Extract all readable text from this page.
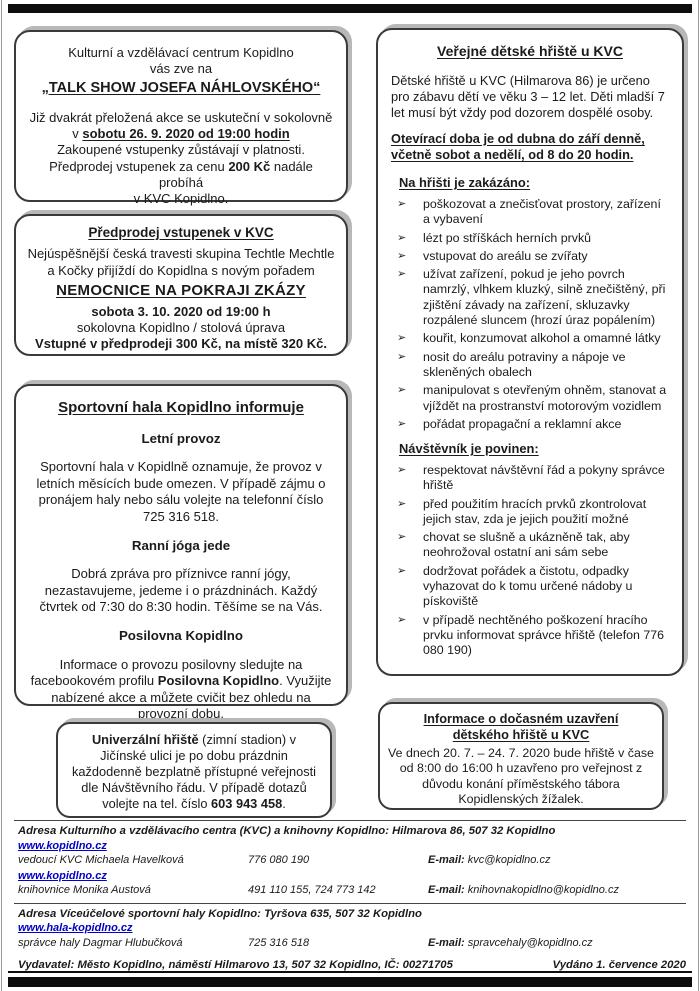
Kulturní a vzdělávací centrum Kopidlno
vás zve na
„TALK SHOW JOSEFA NÁHLOVSKÉHO“
Již dvakrát přeložená akce se uskuteční v sokolovně
v sobotu 26. 9. 2020 od 19:00 hodin
Zakoupené vstupenky zůstávají v platnosti.
Předprodej vstupenek za cenu 200 Kč nadále probíhá
v KVC Kopidlno.
Předprodej vstupenek v KVC
Nejúspěšnější česká travesti skupina Techtle Mechtle
a Kočky přijíždí do Kopidlna s novým pořadem
NEMOCNICE NA POKRAJI ZKÁZY
sobota 3. 10. 2020 od 19:00 h
sokolovna Kopidlno / stolová úprava
Vstupné v předprodeji 300 Kč, na místě 320 Kč.
Sportovní hala Kopidlno informuje
Letní provoz
Sportovní hala v Kopidlně oznamuje, že provoz v letních měsících bude omezen. V případě zájmu o pronájem haly nebo sálu volejte na telefonní číslo 725 316 518.
Ranní jóga jede
Dobrá zpráva pro příznivce ranní jógy, nezastavujeme, jedeme i o prázdninách. Každý čtvrtek od 7:30 do 8:30 hodin. Těšíme se na Vás.
Posilovna Kopidlno
Informace o provozu posilovny sledujte na facebookovém profilu Posilovna Kopidlno. Využijte nabízené akce a můžete cvičit bez ohledu na provozní dobu.
Univerzální hřiště (zimní stadion) v Jičínské ulici je po dobu prázdnin každodenně bezplatně přístupné veřejnosti dle Návštěvního řádu. V případě dotazů volejte na tel. číslo 603 943 458.
Veřejné dětské hřiště u KVC
Dětské hřiště u KVC (Hilmarova 86) je určeno pro zábavu dětí ve věku 3 – 12 let. Děti mladší 7 let musí být vždy pod dozorem dospělé osoby.
Otevírací doba je od dubna do září denně, včetně sobot a nedělí, od 8 do 20 hodin.
Na hřišti je zakázáno:
➢	poškozovat a znečisťovat prostory, zařízení a vybavení
➢	lézt po stříškách herních prvků
➢	vstupovat do areálu se zvířaty
➢	užívat zařízení, pokud je jeho povrch namrzlý, vlhkem kluzký, silně znečištěný, při zjištění závady na zařízení, skluzavky rozpálené sluncem (hrozí úraz popálením)
➢	kouřit, konzumovat alkohol a omamné látky
➢	nosit do areálu potraviny a nápoje ve skleněných obalech
➢	manipulovat s otevřeným ohněm, stanovat a vjíždět na prostranství motorovým vozidlem
➢	pořádat propagační a reklamní akce
Návštěvník je povinen:
➢	respektovat návštěvní řád a pokyny správce hřiště
➢	před použitím hracích prvků zkontrolovat jejich stav, zda je jejich použití možné
➢	chovat se slušně a ukázněně tak, aby neohrožoval ostatní ani sám sebe
➢	dodržovat pořádek a čistotu, odpadky vyhazovat do k tomu určené nádoby u pískoviště
➢	v případě nechtěného poškození hracího prvku informovat správce hřiště (telefon 776 080 190)
Informace o dočasném uzavření
dětského hřiště u KVC
Ve dnech 20. 7. – 24. 7. 2020 bude hřiště v čase od 8:00 do 16:00 h uzavřeno pro veřejnost z důvodu konání příměstského tábora Kopidlenských žížalek.
Adresa Kulturního a vzdělávacího centra (KVC) a knihovny Kopidlno: Hilmarova 86, 507 32 Kopidlno
www.kopidlno.cz
vedoucí KVC Michaela Havelková	776 080 190	E-mail: kvc@kopidlno.cz
www.kopidlno.cz
knihovnice Monika Austová	491 110 155, 724 773 142	E-mail: knihovnakopidlno@kopidlno.cz
Adresa Víceúčelové sportovní haly Kopidlno: Tyršova 635, 507 32 Kopidlno
www.hala-kopidlno.cz
správce haly Dagmar Hlubučková	725 316 518	E-mail: spravcehaly@kopidlno.cz
Vydavatel: Město Kopidlno, náměstí Hilmarovo 13, 507 32 Kopidlno, IČ: 00271705	Vydáno 1. července 2020
